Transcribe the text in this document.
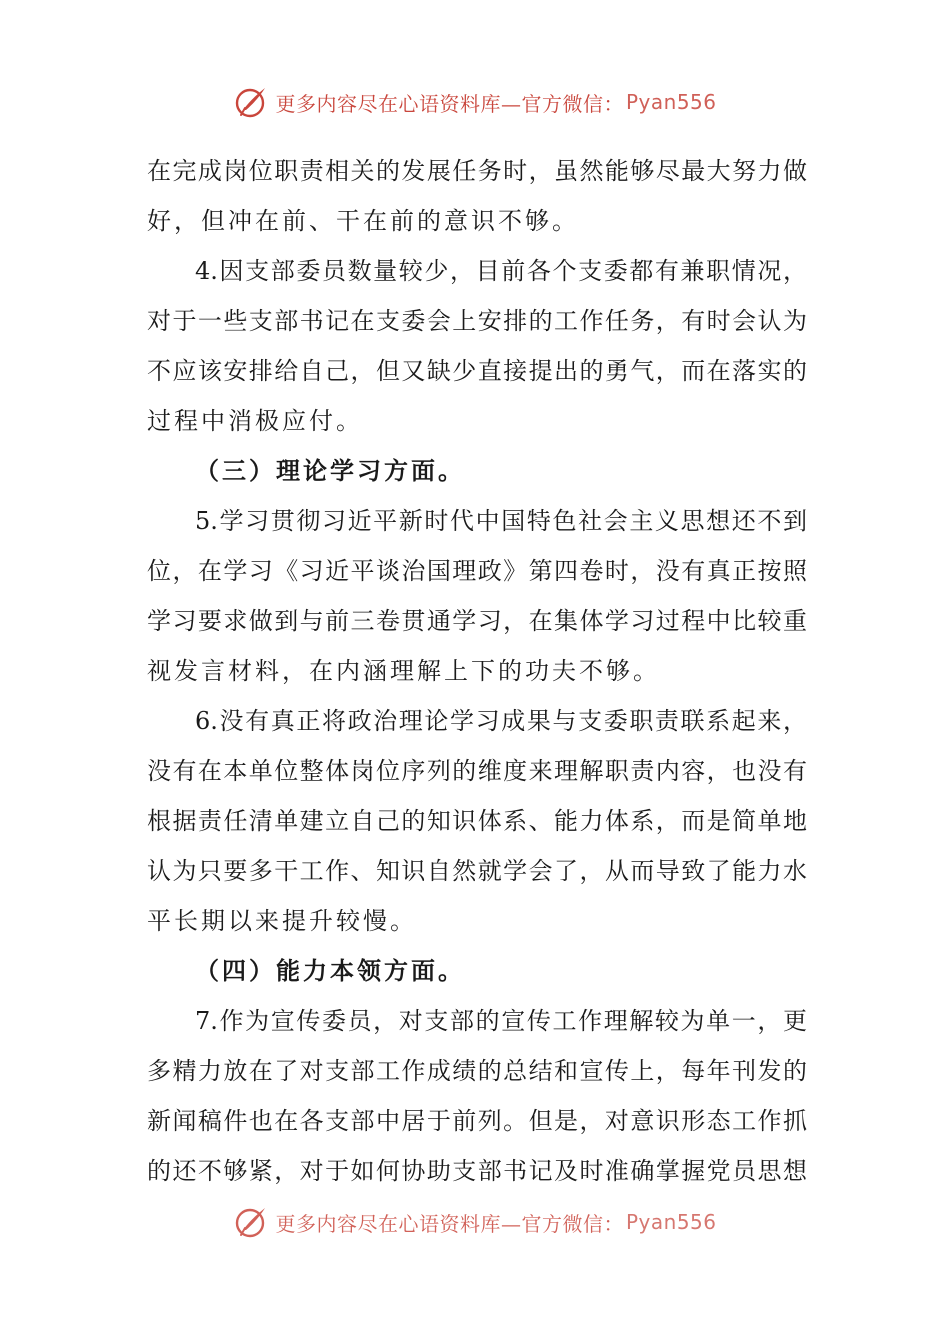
更多内容尽在心语资料库—官方微信： Pyan556
在完成岗位职责相关的发展任务时，虽然能够尽最大努力做
好，但冲在前、干在前的意识不够。
4.因支部委员数量较少，目前各个支委都有兼职情况，
对于一些支部书记在支委会上安排的工作任务，有时会认为
不应该安排给自己，但又缺少直接提出的勇气，而在落实的
过程中消极应付。
（三）理论学习方面。
5.学习贯彻习近平新时代中国特色社会主义思想还不到
位，在学习《习近平谈治国理政》第四卷时，没有真正按照
学习要求做到与前三卷贯通学习，在集体学习过程中比较重
视发言材料，在内涵理解上下的功夫不够。
6.没有真正将政治理论学习成果与支委职责联系起来，
没有在本单位整体岗位序列的维度来理解职责内容，也没有
根据责任清单建立自己的知识体系、能力体系，而是简单地
认为只要多干工作、知识自然就学会了，从而导致了能力水
平长期以来提升较慢。
（四）能力本领方面。
7.作为宣传委员，对支部的宣传工作理解较为单一，更
多精力放在了对支部工作成绩的总结和宣传上，每年刊发的
新闻稿件也在各支部中居于前列。但是，对意识形态工作抓
的还不够紧，对于如何协助支部书记及时准确掌握党员思想
更多内容尽在心语资料库—官方微信： Pyan556
